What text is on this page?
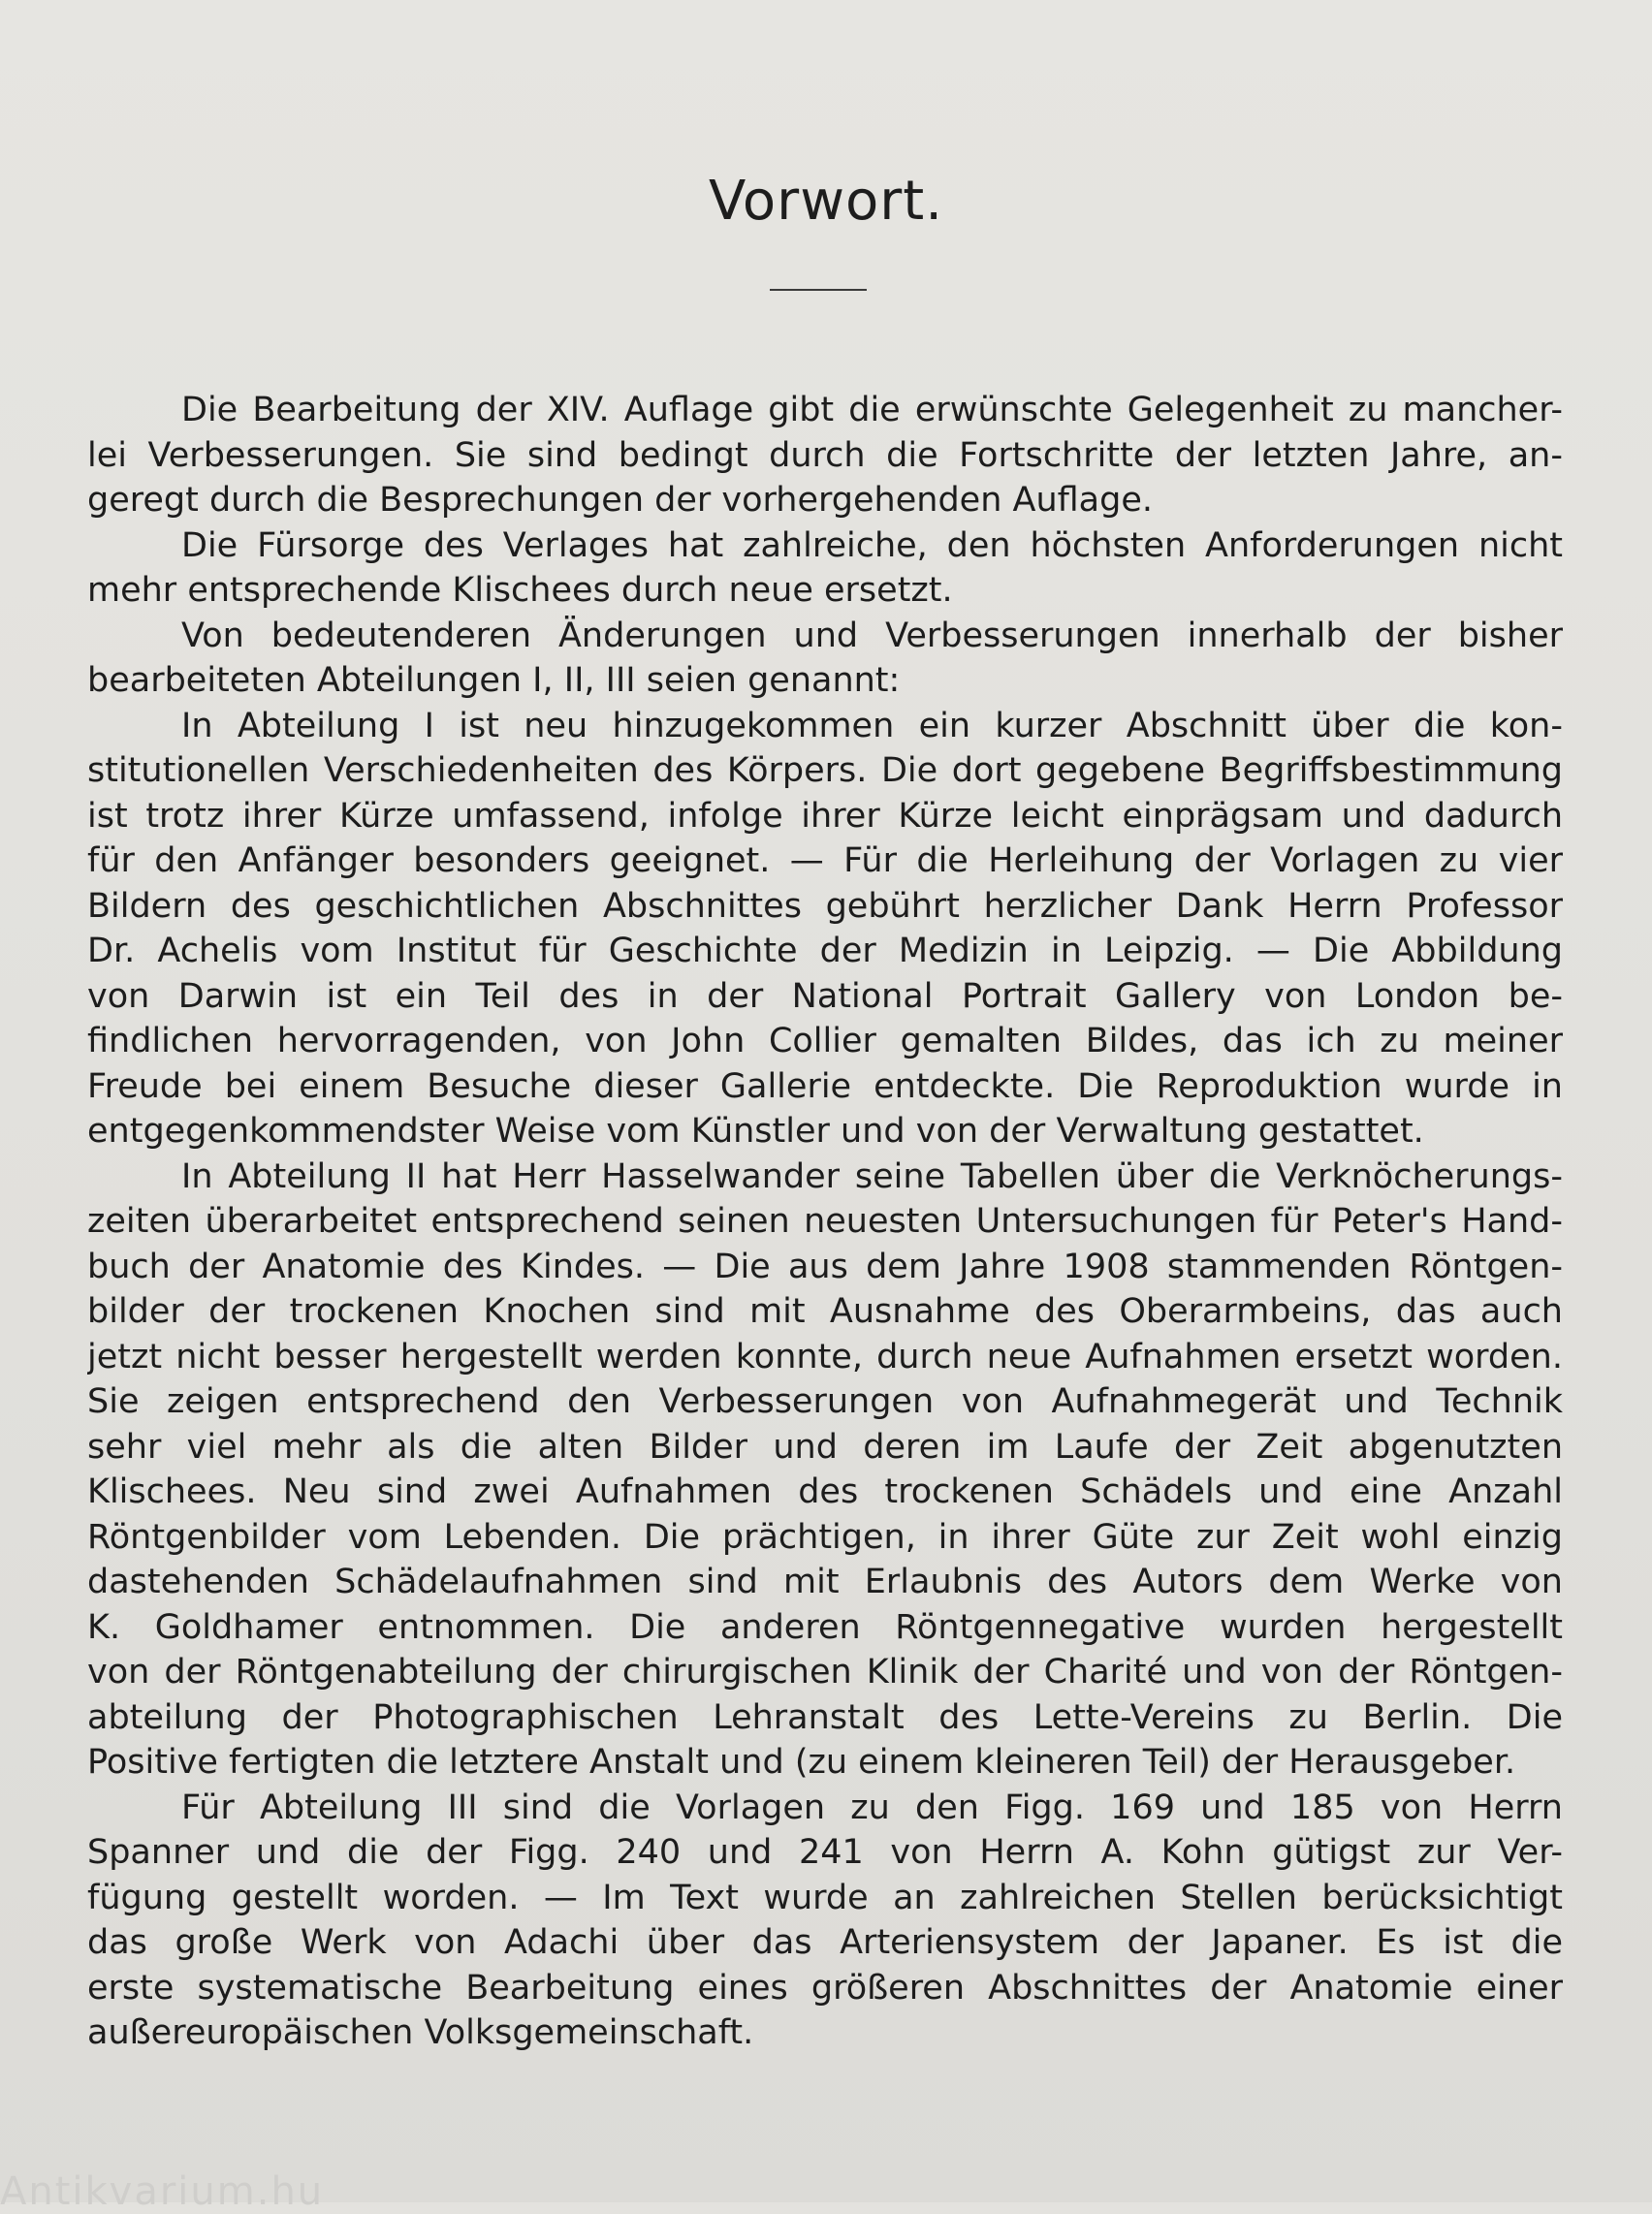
Vorwort.
Die Bearbeitung der XIV. Auflage gibt die erwünschte Gelegenheit zu mancher-
lei Verbesserungen. Sie sind bedingt durch die Fortschritte der letzten Jahre, an-
geregt durch die Besprechungen der vorhergehenden Auflage.
Die Fürsorge des Verlages hat zahlreiche, den höchsten Anforderungen nicht
mehr entsprechende Klischees durch neue ersetzt.
Von bedeutenderen Änderungen und Verbesserungen innerhalb der bisher
bearbeiteten Abteilungen I, II, III seien genannt:
In Abteilung I ist neu hinzugekommen ein kurzer Abschnitt über die kon-
stitutionellen Verschiedenheiten des Körpers. Die dort gegebene Begriffsbestimmung
ist trotz ihrer Kürze umfassend, infolge ihrer Kürze leicht einprägsam und dadurch
für den Anfänger besonders geeignet. — Für die Herleihung der Vorlagen zu vier
Bildern des geschichtlichen Abschnittes gebührt herzlicher Dank Herrn Professor
Dr. Achelis vom Institut für Geschichte der Medizin in Leipzig. — Die Abbildung
von Darwin ist ein Teil des in der National Portrait Gallery von London be-
findlichen hervorragenden, von John Collier gemalten Bildes, das ich zu meiner
Freude bei einem Besuche dieser Gallerie entdeckte. Die Reproduktion wurde in
entgegenkommendster Weise vom Künstler und von der Verwaltung gestattet.
In Abteilung II hat Herr Hasselwander seine Tabellen über die Verknöcherungs-
zeiten überarbeitet entsprechend seinen neuesten Untersuchungen für Peter's Hand-
buch der Anatomie des Kindes. — Die aus dem Jahre 1908 stammenden Röntgen-
bilder der trockenen Knochen sind mit Ausnahme des Oberarmbeins, das auch
jetzt nicht besser hergestellt werden konnte, durch neue Aufnahmen ersetzt worden.
Sie zeigen entsprechend den Verbesserungen von Aufnahmegerät und Technik
sehr viel mehr als die alten Bilder und deren im Laufe der Zeit abgenutzten
Klischees. Neu sind zwei Aufnahmen des trockenen Schädels und eine Anzahl
Röntgenbilder vom Lebenden. Die prächtigen, in ihrer Güte zur Zeit wohl einzig
dastehenden Schädelaufnahmen sind mit Erlaubnis des Autors dem Werke von
K. Goldhamer entnommen. Die anderen Röntgennegative wurden hergestellt
von der Röntgenabteilung der chirurgischen Klinik der Charité und von der Röntgen-
abteilung der Photographischen Lehranstalt des Lette-Vereins zu Berlin. Die
Positive fertigten die letztere Anstalt und (zu einem kleineren Teil) der Herausgeber.
Für Abteilung III sind die Vorlagen zu den Figg. 169 und 185 von Herrn
Spanner und die der Figg. 240 und 241 von Herrn A. Kohn gütigst zur Ver-
fügung gestellt worden. — Im Text wurde an zahlreichen Stellen berücksichtigt
das große Werk von Adachi über das Arteriensystem der Japaner. Es ist die
erste systematische Bearbeitung eines größeren Abschnittes der Anatomie einer
außereuropäischen Volksgemeinschaft.
Antikvarium.hu
